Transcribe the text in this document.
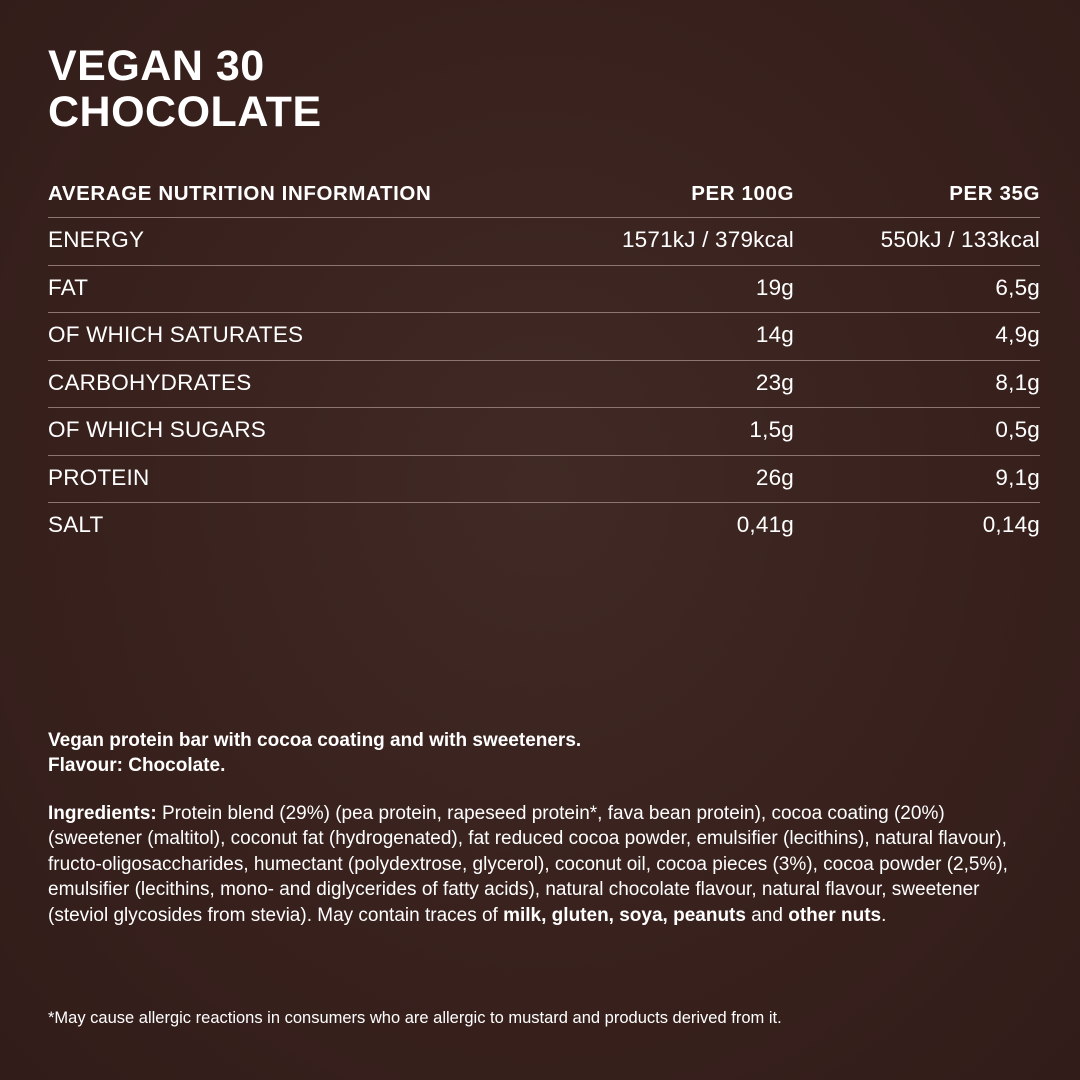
VEGAN 30
CHOCOLATE
AVERAGE NUTRITION INFORMATION	PER 100G	PER 35G
ENERGY	1571kJ / 379kcal	550kJ / 133kcal
FAT	19g	6,5g
OF WHICH SATURATES	14g	4,9g
CARBOHYDRATES	23g	8,1g
OF WHICH SUGARS	1,5g	0,5g
PROTEIN	26g	9,1g
SALT	0,41g	0,14g
Vegan protein bar with cocoa coating and with sweeteners.
Flavour: Chocolate.
Ingredients: Protein blend (29%) (pea protein, rapeseed protein*, fava bean protein), cocoa coating (20%) (sweetener (maltitol), coconut fat (hydrogenated), fat reduced cocoa powder, emulsifier (lecithins), natural flavour), fructo-oligosaccharides, humectant (polydextrose, glycerol), coconut oil, cocoa pieces (3%), cocoa powder (2,5%), emulsifier (lecithins, mono- and diglycerides of fatty acids), natural chocolate flavour, natural flavour, sweetener (steviol glycosides from stevia). May contain traces of milk, gluten, soya, peanuts and other nuts.
*May cause allergic reactions in consumers who are allergic to mustard and products derived from it.
